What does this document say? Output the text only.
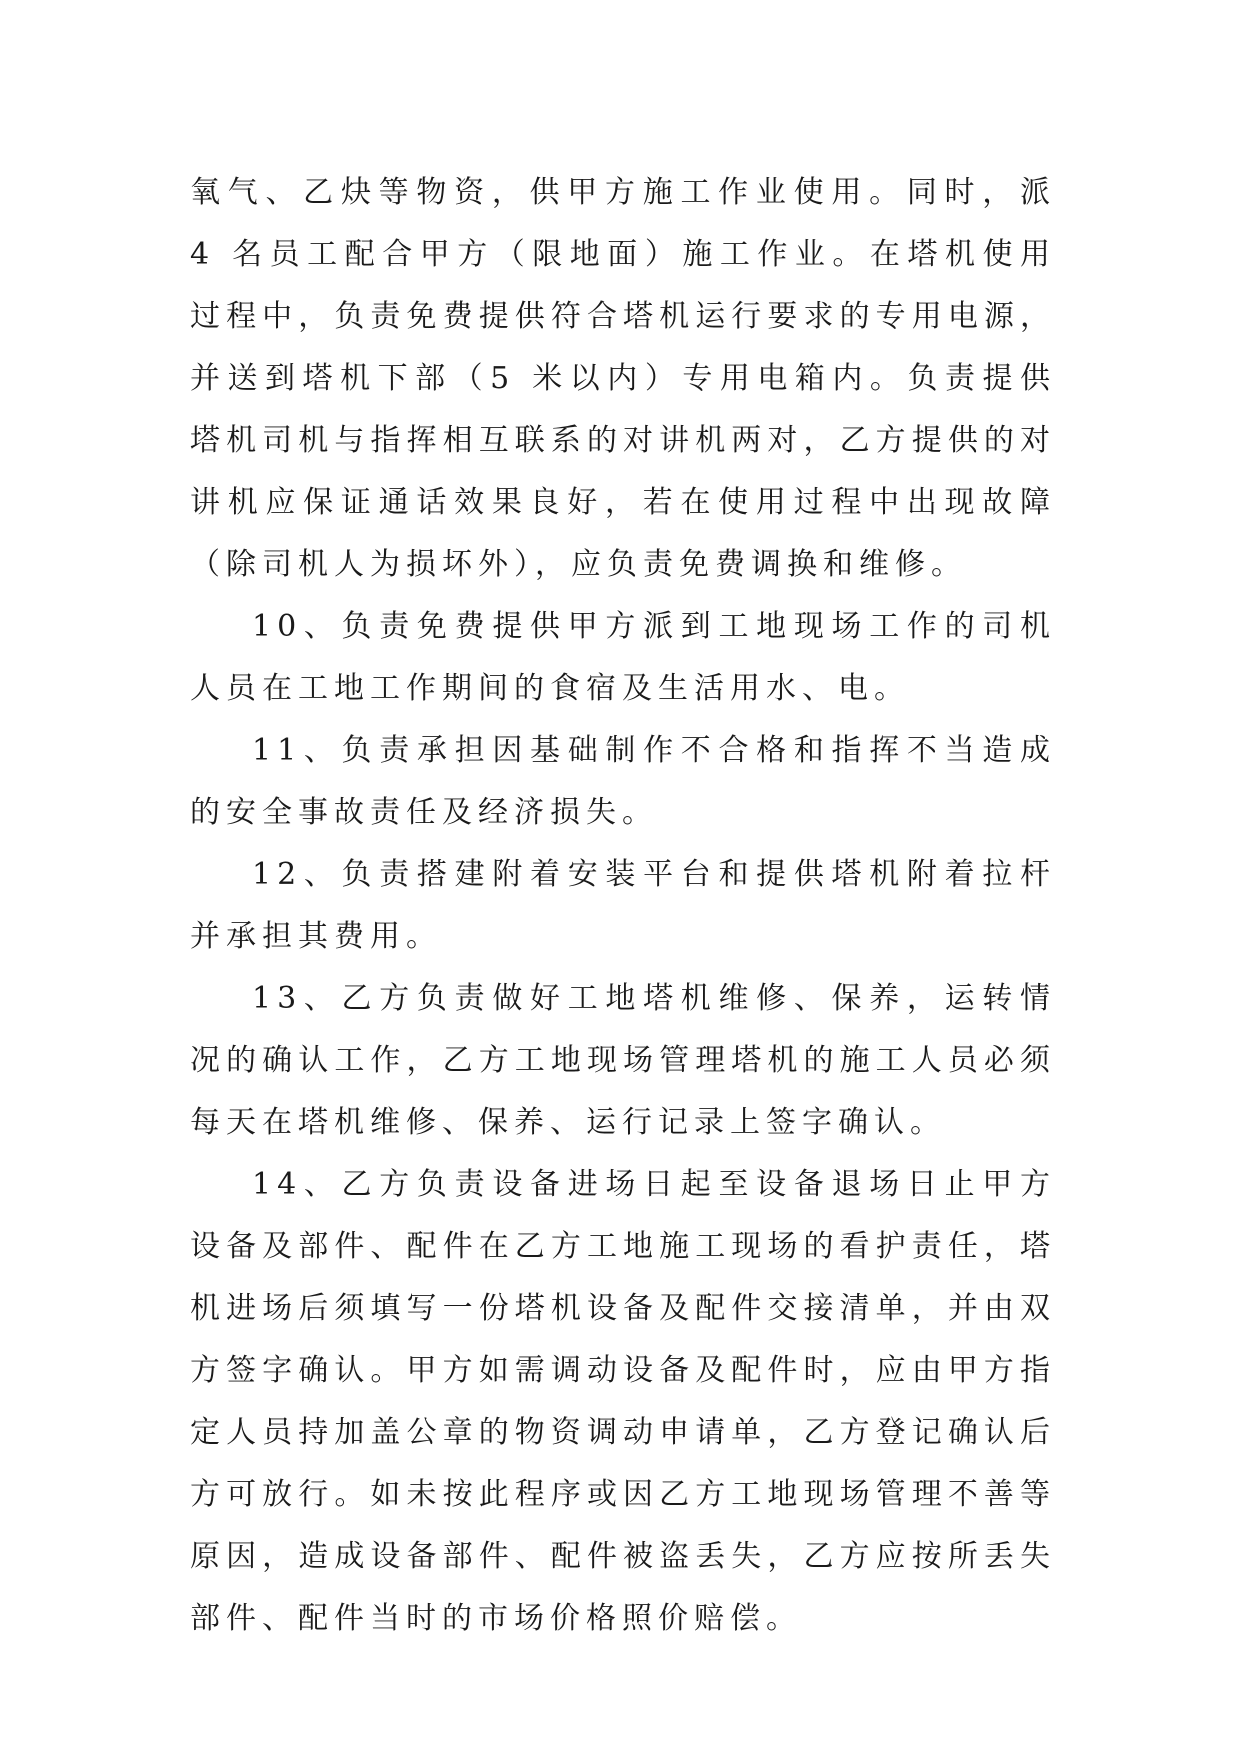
氧气、乙炔等物资，供甲方施工作业使用。同时，派 4 名员工配合甲方（限地面）施工作业。在塔机使用过程中，负责免费提供符合塔机运行要求的专用电源，并送到塔机下部（5 米以内）专用电箱内。负责提供塔机司机与指挥相互联系的对讲机两对，乙方提供的对讲机应保证通话效果良好，若在使用过程中出现故障（除司机人为损坏外），应负责免费调换和维修。

10、负责免费提供甲方派到工地现场工作的司机人员在工地工作期间的食宿及生活用水、电。

11、负责承担因基础制作不合格和指挥不当造成的安全事故责任及经济损失。

12、负责搭建附着安装平台和提供塔机附着拉杆并承担其费用。

13、乙方负责做好工地塔机维修、保养，运转情况的确认工作，乙方工地现场管理塔机的施工人员必须每天在塔机维修、保养、运行记录上签字确认。

14、乙方负责设备进场日起至设备退场日止甲方设备及部件、配件在乙方工地施工现场的看护责任，塔机进场后须填写一份塔机设备及配件交接清单，并由双方签字确认。甲方如需调动设备及配件时，应由甲方指定人员持加盖公章的物资调动申请单，乙方登记确认后方可放行。如未按此程序或因乙方工地现场管理不善等原因，造成设备部件、配件被盗丢失，乙方应按所丢失部件、配件当时的市场价格照价赔偿。
